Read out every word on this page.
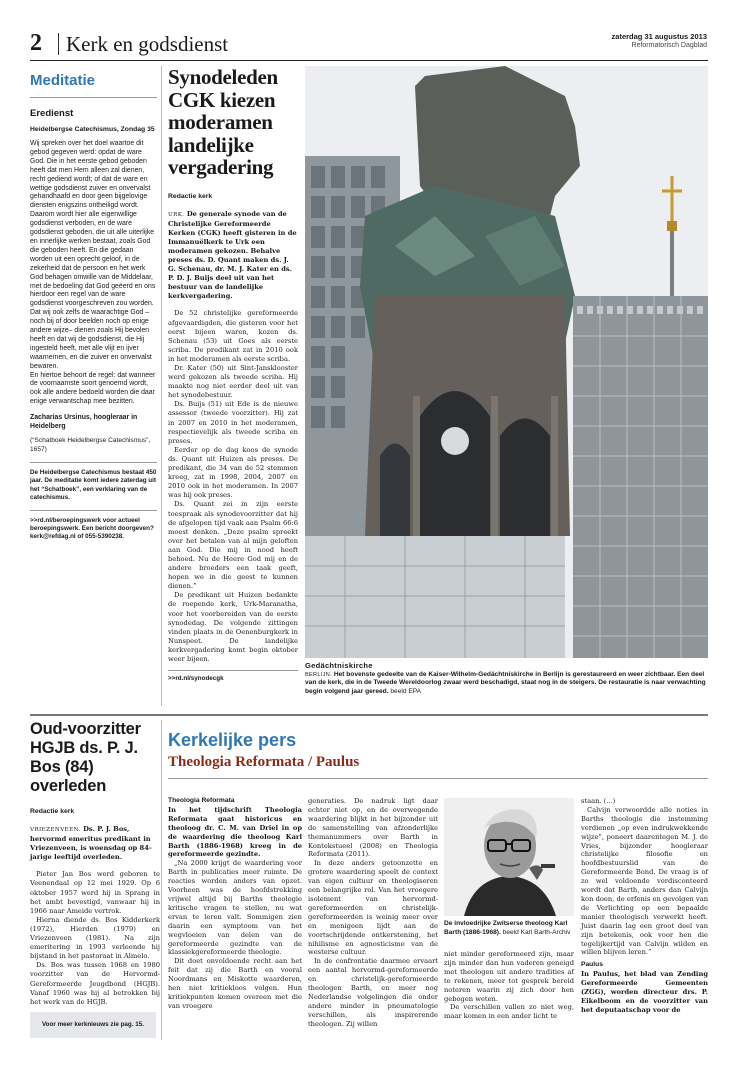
2 Kerk en godsdienst	zaterdag 31 augustus 2013
Reformatorisch Dagblad
Meditatie
Eredienst
Heidelbergse Catechismus, Zondag 35

Wij spreken over het doel waartoe dit gebod gegeven werd: opdat de ware God. Die in het eerste gebod geboden heeft dat men Hem alleen zal dienen, recht gediend wordt; of dat de ware en wettige godsdienst zuiver en onvervalst gehandhaafd en door geen bijgelovige diensten enigszins ontheiligd wordt. Daarom wordt hier alle eigenwillige godsdienst verboden, en de ware godsdienst geboden, die uit alle uiterlijke en innerlijke werken bestaat, zoals God die geboden heeft. En die gedaan worden uit een oprecht geloof, in de zekerheid dat de persoon en het werk God behagen omwille van de Middelaar, met de bedoeling dat God geëerd en ons hierdoor een regel van de ware godsdienst voorgeschreven zou worden. Dat wij ook zelfs de waarachtige God –noch bij of door beelden noch op enige andere wijze– dienen zoals Hij bevolen heeft en dat wij de godsdienst, die Hij ingesteld heeft, met alle vlijt en ijver waarnemen, en die zuiver en onvervalst bewaren.

En hiertoe behoort de regel: dat wanneer de voornaamste soort genoemd wordt, ook alle andere bedoeld worden die daar enige verwantschap mee bezitten.

Zacharias Ursinus, hoogleraar in Heidelberg
(“Schatboek Heidelbergse Catechismus”, 1657)
De Heidelbergse Catechismus bestaat 450 jaar. De meditatie komt iedere zaterdag uit het “Schatboek”, een verklaring van de catechismus.
>>rd.nl/beroepingswerk voor actueel beroepingswerk. Een bericht doorgeven? kerk@refdag.nl of 055-5390238.
Synodeleden CGK kiezen moderamen landelijke vergadering
Redactie kerk
URK. De generale synode van de Christelijke Gereformeerde Kerken (CGK) heeft gisteren in de Immanuëlkerk te Urk een moderamen gekozen. Behalve preses ds. D. Quant maken ds. J. G. Schenau, dr. M. J. Kater en ds. P. D. J. Buijs deel uit van het bestuur van de landelijke kerkvergadering.

De 52 christelijke gereformeerde afgevaardigden, die gisteren voor het eerst bijeen waren, kozen ds. Schenau (53) uit Goes als eerste scriba. De predikant zat in 2010 ook in het moderamen als eerste scriba.

Dr. Kater (50) uit Sint-Jansklooster werd gekozen als tweede scriba. Hij maakte nog niet eerder deel uit van het synodebestuur.

Ds. Buijs (51) uit Ede is de nieuwe assessor (tweede voorzitter). Hij zat in 2007 en 2010 in het moderamen, respectievelijk als tweede scriba en preses.

Eerder op de dag koos de synode ds. Quant uit Huizen als preses. De predikant, die 34 van de 52 stemmen kreeg, zat in 1998, 2004, 2007 en 2010 ook in het moderamen. In 2007 was hij ook preses.

Ds. Quant zei in zijn eerste toespraak als synodevoorzitter dat hij de afgelopen tijd vaak aan Psalm 66:6 moest denken. „Deze psalm spreekt over het betalen van al mijn geloften aan God. Die mij in nood heeft behoed. Nu de Heere God mij en de andere broeders een taak geeft, hopen we in die geest te kunnen dienen.”

De predikant uit Huizen bedankte de roepende kerk, Urk-Maranatha, voor het voorbereiden van de eerste synodedag. De volgende zittingen vinden plaats in de Oenenburgkerk in Nunspeet. De landelijke kerkvergadering komt begin oktober weer bijeen.

>>rd.nl/synodecgk
Gedächtniskirche
BERLIJN. Het bovenste gedeelte van de Kaiser-Wilhelm-Gedächtniskirche in Berlijn is gerestaureerd en weer zichtbaar. Een deel van de kerk, die in de Tweede Wereldoorlog zwaar werd beschadigd, staat nog in de steigers. De restauratie is naar verwachting begin volgend jaar gereed. beeld EPA
Oud-voorzitter HGJB ds. P. J. Bos (84) overleden
Redactie kerk
VRIEZENVEEN. Ds. P. J. Bos, hervormd emeritus predikant in Vriezenveen, is woensdag op 84-jarige leeftijd overleden.

Pieter Jan Bos werd geboren te Veenendaal op 12 mei 1929. Op 6 oktober 1957 werd hij in Sprang in het ambt bevestigd, vanwaar hij in 1966 naar Ameide vertrok.

Hierna diende ds. Bos Kidderkerk (1972), Hierden (1979) en Vriezenveen (1981). Na zijn emeritering in 1993 verleende hij bijstand in het pastoraat in Almelo.

Ds. Bos was tussen 1968 en 1980 voorzitter van de Hervormd-Gereformeerde Jeugdbond (HGJB). Vanaf 1960 was hij al betrokken bij het werk van de HGJB.

Voor meer kerknieuws zie pag. 15.
Kerkelijke pers
Theologia Reformata / Paulus

Theologia Reformata

In het tijdschrift Theologia Reformata gaat historicus en theoloog dr. C. M. van Driel in op de waardering die theoloog Karl Barth (1886-1968) kreeg in de gereformeerde gezindte.

„Na 2000 krijgt de waardering voor Barth in publicaties meer ruimte. De reacties worden anders van opzet. Voorheen was de hoofdstrekking vrijwel altijd bij Barths theologie kritische vragen te stellen, nu wat ervan te leren valt. Sommigen zien daarin een symptoom van het wegvloeien van delen van de gereformeerde gezindte van de klassiekgereformeerde theologie.

Dit doet onvoldoende recht aan het feit dat zij die Barth en vooral Noordmans en Miskotte waarderen, hen niet kritiekloos volgen. Hun kritiekpunten komen overeen met die van vroegere

generaties. De nadruk ligt daar echter niet op, en de overwegende waardering blijkt in het bijzonder uit de samenstelling van afzonderlijke themanummers over Barth in Kontekstueel (2008) en Theologia Reformata (2011).

In deze anders getoonzette en grotere waardering speelt de context van eigen cultuur en theologiseren een belangrijke rol. Van het vroegere isolement van hervormd-gereformeerden en christelijk-gereformeerden is weinig meer over en menigeen lijdt aan de voortschrijdende ontkerstening, het nihilisme en agnosticisme van de westerse cultuur.

In de confrontatie daarmee ervaart een aantal hervormd-gereformeerde en christelijk-gereformeerde theologen Barth, en meer nog Nederlandse volgelingen die onder andere minder in pneumatologie verschillen, als inspirerende theologen. Zij willen

De invloedrijke Zwitserse theoloog Karl Barth (1886-1968). beeld Karl Barth-Archiv

niet minder gereformeerd zijn, maar zijn minder dan hun vaderen geneigd met theologen uit andere tradities af te rekenen, meer tot gesprek bereid noteren waarin zij zich door hen gebogen weten.

De verschillen vallen zo niet weg, maar komen in een ander licht te

staan. (...)

Calvijn verwoordde alle noties in Barths theologie die instemming verdienen „op even indrukwekkende wijze”, poneert daarentegen M. J. de Vries, bijzonder hoogleraar christelijke filosofie en hoofdbestuurslid van de Gereformeerde Bond. De vraag is of zo wel voldoende verdisconteerd wordt dat Barth, anders dan Calvijn kon doen, de erfenis en gevolgen van de Verlichting op een bepaalde manier theologisch verwerkt heeft. Juist daarin lag een groot deel van zijn betekenis, ook voor hen die tegelijkertijd van Calvijn wilden en willen blijven leren.”

Paulus

In Paulus, het blad van Zending Gereformeerde Gemeenten (ZGG), worden directeur drs. P. Eikelboom en de voorzitter van het deputaatschap voor de
